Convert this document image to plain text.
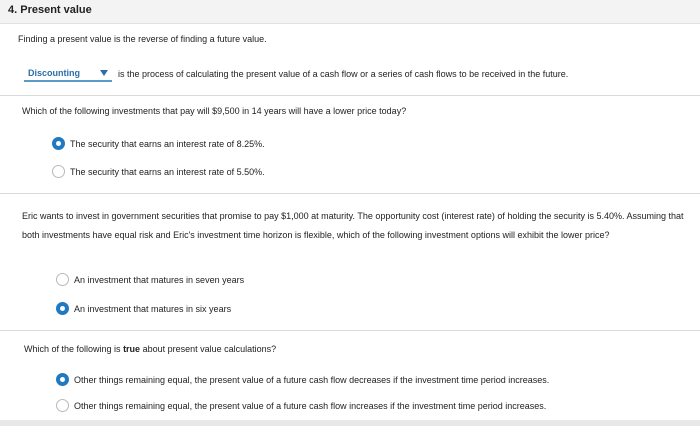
4. Present value
Finding a present value is the reverse of finding a future value.
Discounting	is the process of calculating the present value of a cash flow or a series of cash flows to be received in the future.
Which of the following investments that pay will $9,500 in 14 years will have a lower price today?
The security that earns an interest rate of 8.25%.
The security that earns an interest rate of 5.50%.
Eric wants to invest in government securities that promise to pay $1,000 at maturity. The opportunity cost (interest rate) of holding the security is 5.40%. Assuming that both investments have equal risk and Eric's investment time horizon is flexible, which of the following investment options will exhibit the lower price?
An investment that matures in seven years
An investment that matures in six years
Which of the following is true about present value calculations?
Other things remaining equal, the present value of a future cash flow decreases if the investment time period increases.
Other things remaining equal, the present value of a future cash flow increases if the investment time period increases.
